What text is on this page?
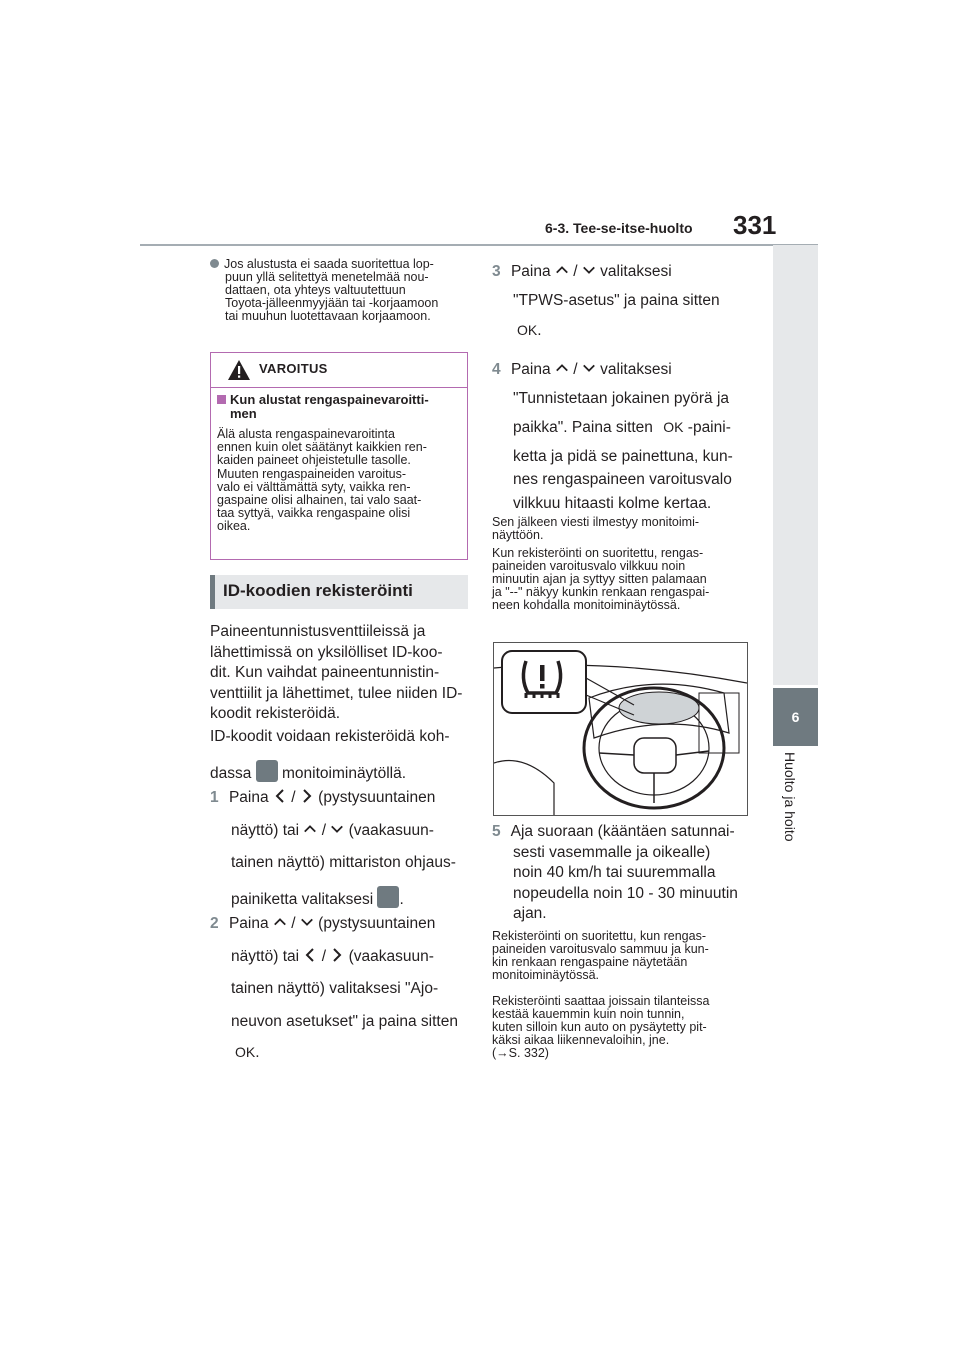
6-3. Tee-se-itse-huolto 331
6
Huolto ja hoito
Jos alustusta ei saada suoritettua lop-
puun yllä selitettyä menetelmää nou-
dattaen, ota yhteys valtuutettuun
Toyota-jälleenmyyjään tai -korjaamoon
tai muuhun luotettavaan korjaamoon.
VAROITUS
Kun alustat rengaspainevaroitti-
men
Älä alusta rengaspainevaroitinta
ennen kuin olet säätänyt kaikkien ren-
kaiden paineet ohjeistetulle tasolle.
Muuten rengaspaineiden varoitus-
valo ei välttämättä syty, vaikka ren-
gaspaine olisi alhainen, tai valo saat-
taa syttyä, vaikka rengaspaine olisi
oikea.
ID-koodien rekisteröinti
Paineentunnistusventtiileissä ja
lähettimissä on yksilölliset ID-koo-
dit. Kun vaihdat paineentunnistin-
venttiilit ja lähettimet, tulee niiden ID-
koodit rekisteröidä.
ID-koodit voidaan rekisteröidä koh-
dassa monitoiminäytöllä.
1 Paina / (pystysuuntainen
näyttö) tai / (vaakasuun-
tainen näyttö) mittariston ohjaus-
painiketta valitaksesi .
2 Paina / (pystysuuntainen
näyttö) tai / (vaakasuun-
tainen näyttö) valitaksesi "Ajo-
neuvon asetukset" ja paina sitten
OK.
3 Paina / valitaksesi
"TPWS-asetus" ja paina sitten
OK.
4 Paina / valitaksesi
"Tunnistetaan jokainen pyörä ja
paikka". Paina sitten OK -paini-
ketta ja pidä se painettuna, kun-
nes rengaspaineen varoitusvalo
vilkkuu hitaasti kolme kertaa.
Sen jälkeen viesti ilmestyy monitoimi-
näyttöön.
Kun rekisteröinti on suoritettu, rengas-
paineiden varoitusvalo vilkkuu noin
minuutin ajan ja syttyy sitten palamaan
ja "--" näkyy kunkin renkaan rengaspai-
neen kohdalla monitoiminäytössä.
5 Aja suoraan (kääntäen satunnai-
sesti vasemmalle ja oikealle)
noin 40 km/h tai suuremmalla
nopeudella noin 10 - 30 minuutin
ajan.
Rekisteröinti on suoritettu, kun rengas-
paineiden varoitusvalo sammuu ja kun-
kin renkaan rengaspaine näytetään
monitoiminäytössä.
Rekisteröinti saattaa joissain tilanteissa
kestää kauemmin kuin noin tunnin,
kuten silloin kun auto on pysäytetty pit-
käksi aikaa liikennevaloihin, jne.
(→S. 332)
